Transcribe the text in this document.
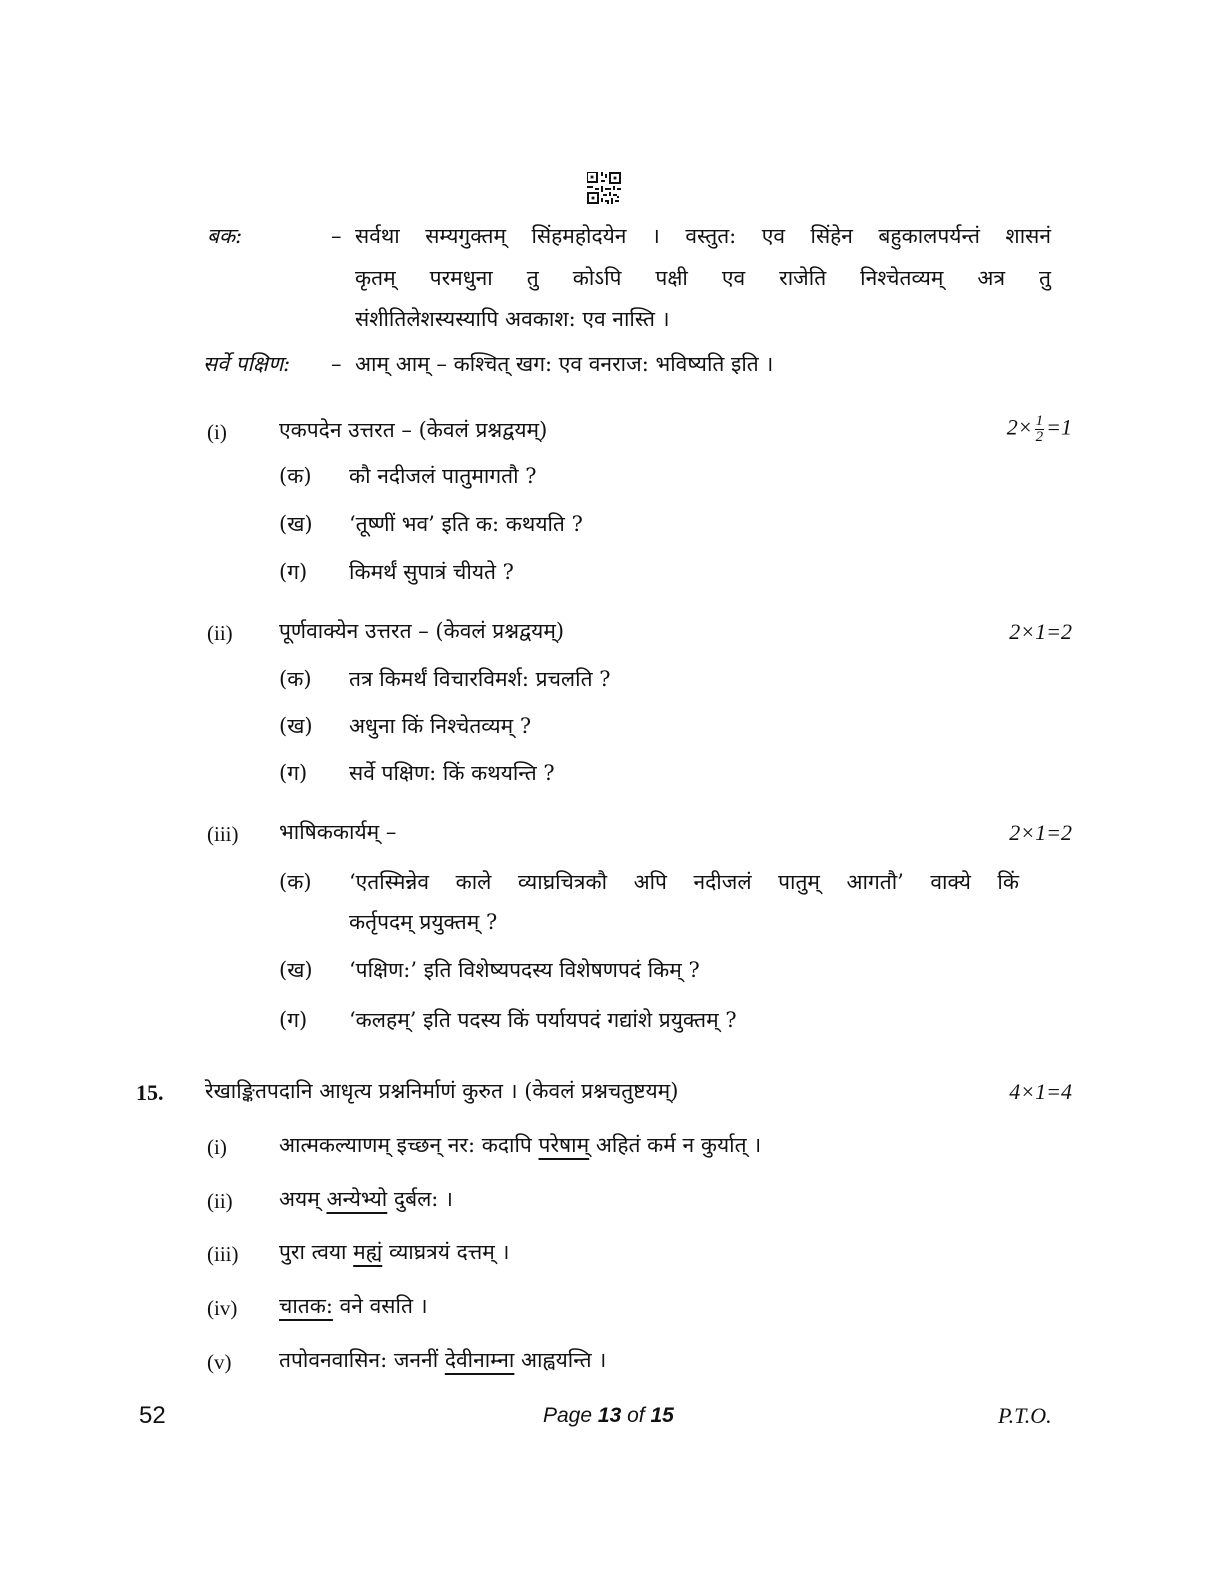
बक:	– सर्वथा सम्यगुक्तम् सिंहमहोदयेन । वस्तुत: एव सिंहेन बहुकालपर्यन्तं शासनं
कृतम् परमधुना तु कोऽपि पक्षी एव राजेति निश्चेतव्यम् अत्र तु
संशीतिलेशस्यस्यापि अवकाश: एव नास्ति ।
सर्वे पक्षिण: – आम् आम् – कश्चित् खग: एव वनराज: भविष्यति इति ।
(i) एकपदेन उत्तरत – (केवलं प्रश्नद्वयम्)	$2\times \frac{1}{2} =1$
(क) कौ नदीजलं पातुमागतौ ?
(ख) ‘तूष्णीं भव’ इति क: कथयति ?
(ग) किमर्थं सुपात्रं चीयते ?
(ii) पूर्णवाक्येन उत्तरत – (केवलं प्रश्नद्वयम्)	2×1=2
(क) तत्र किमर्थं विचारविमर्श: प्रचलति ?
(ख) अधुना किं निश्चेतव्यम् ?
(ग) सर्वे पक्षिण: किं कथयन्ति ?
(iii) भाषिककार्यम् –	2×1=2
(क) ‘एतस्मिन्नेव काले व्याघ्रचित्रकौ अपि नदीजलं पातुम् आगतौ’ वाक्ये किं
कर्तृपदम् प्रयुक्तम् ?
(ख) ‘पक्षिण:’ इति विशेष्यपदस्य विशेषणपदं किम् ?
(ग) ‘कलहम्’ इति पदस्य किं पर्यायपदं गद्यांशे प्रयुक्तम् ?
15. रेखाङ्कितपदानि आधृत्य प्रश्ननिर्माणं कुरुत । (केवलं प्रश्नचतुष्टयम्)	4×1=4
(i) आत्मकल्याणम् इच्छन् नर: कदापि परेषाम् अहितं कर्म न कुर्यात् ।
(ii) अयम् अन्येभ्यो दुर्बल: ।
(iii) पुरा त्वया मह्यं व्याघ्रत्रयं दत्तम् ।
(iv) चातक: वने वसति ।
(v) तपोवनवासिन: जननीं देवीनाम्ना आह्वयन्ति ।
52	Page 13 of 15	P.T.O.
